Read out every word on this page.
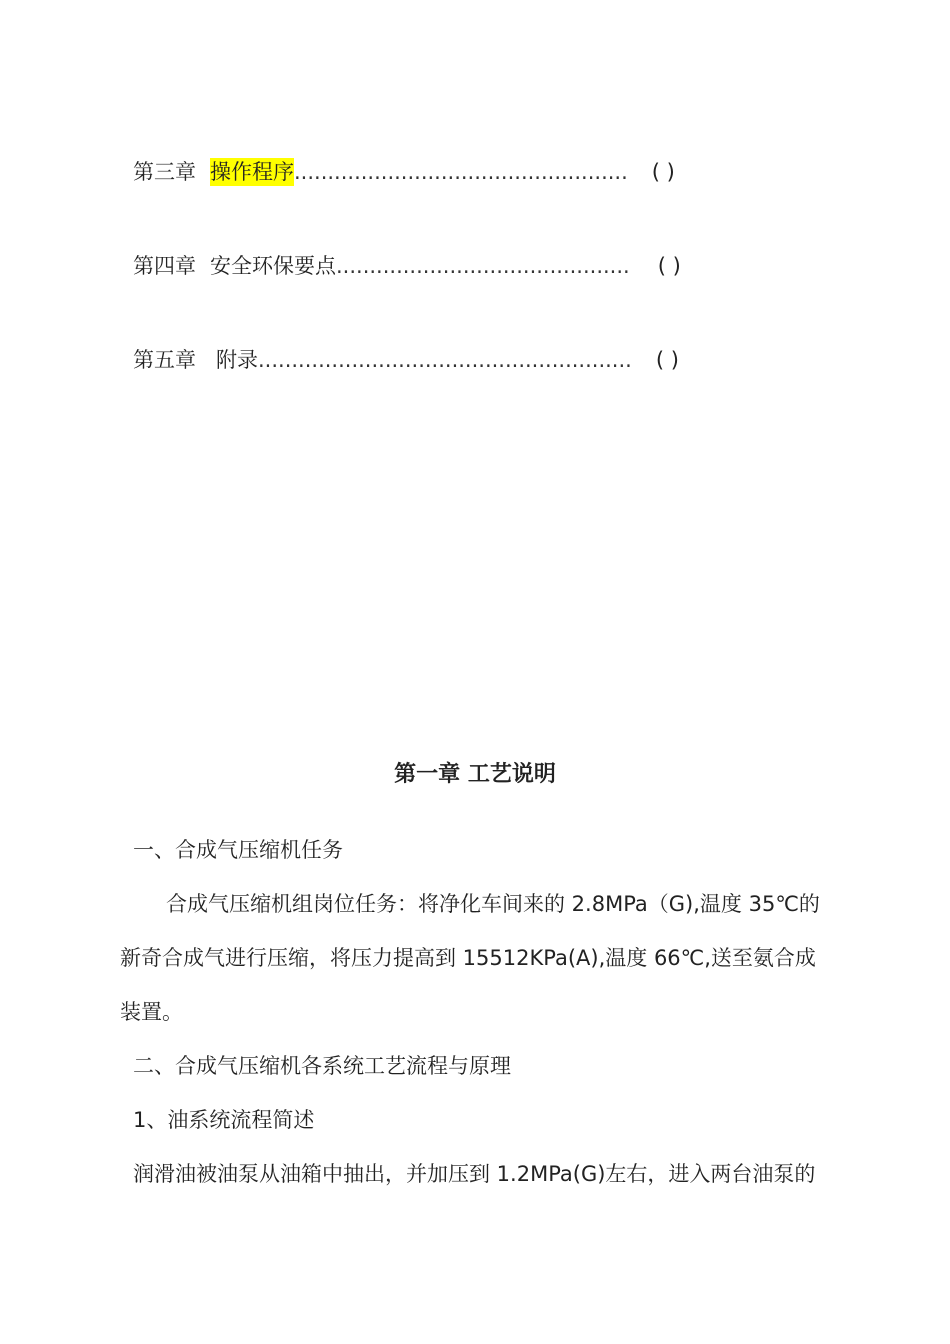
第三章 操作程序.................................................. ( )
第四章 安全环保要点............................................ ( )
第五章 附录........................................................ ( )
第一章 工艺说明
一、合成气压缩机任务
合成气压缩机组岗位任务：将净化车间来的 2.8MPa（G),温度 35℃的
新奇合成气进行压缩，将压力提高到 15512KPa(A),温度 66℃,送至氨合成
装置。
二、合成气压缩机各系统工艺流程与原理
1、油系统流程简述
润滑油被油泵从油箱中抽出，并加压到 1.2MPa(G)左右，进入两台油泵的
